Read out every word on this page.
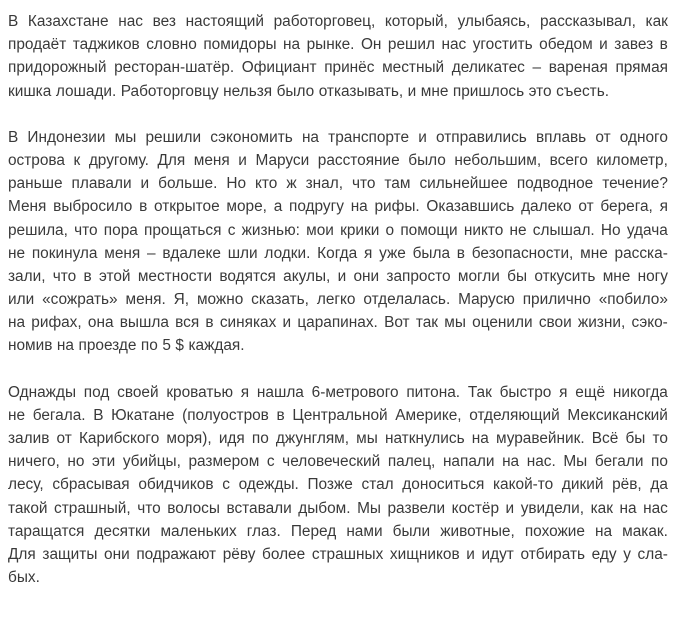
В Казахстане нас вез настоящий работорговец, который, улыбаясь, рассказывал, как
продаёт таджиков словно помидоры на рынке. Он решил нас угостить обедом и завез в
придорожный ресторан-шатёр. Официант принёс местный деликатес – вареная прямая
кишка лошади. Работорговцу нельзя было отказывать, и мне пришлось это съесть.
В Индонезии мы решили сэкономить на транспорте и отправились вплавь от одного
острова к другому. Для меня и Маруси расстояние было небольшим, всего километр,
раньше плавали и больше. Но кто ж знал, что там сильнейшее подводное течение?
Меня выбросило в открытое море, а подругу на рифы. Оказавшись далеко от берега, я
решила, что пора прощаться с жизнью: мои крики о помощи никто не слышал. Но удача
не покинула меня – вдалеке шли лодки. Когда я уже была в безопасности, мне расска-
зали, что в этой местности водятся акулы, и они запросто могли бы откусить мне ногу
или «сожрать» меня. Я, можно сказать, легко отделалась. Марусю прилично «побило»
на рифах, она вышла вся в синяках и царапинах. Вот так мы оценили свои жизни, сэко-
номив на проезде по 5 $ каждая.
Однажды под своей кроватью я нашла 6-метрового питона. Так быстро я ещё никогда
не бегала. В Юкатане (полуостров в Центральной Америке, отделяющий Мексиканский
залив от Карибского моря), идя по джунглям, мы наткнулись на муравейник. Всё бы то
ничего, но эти убийцы, размером с человеческий палец, напали на нас. Мы бегали по
лесу, сбрасывая обидчиков с одежды. Позже стал доноситься какой-то дикий рёв, да
такой страшный, что волосы вставали дыбом. Мы развели костёр и увидели, как на нас
таращатся десятки маленьких глаз. Перед нами были животные, похожие на макак.
Для защиты они подражают рёву более страшных хищников и идут отбирать еду у сла-
бых.
